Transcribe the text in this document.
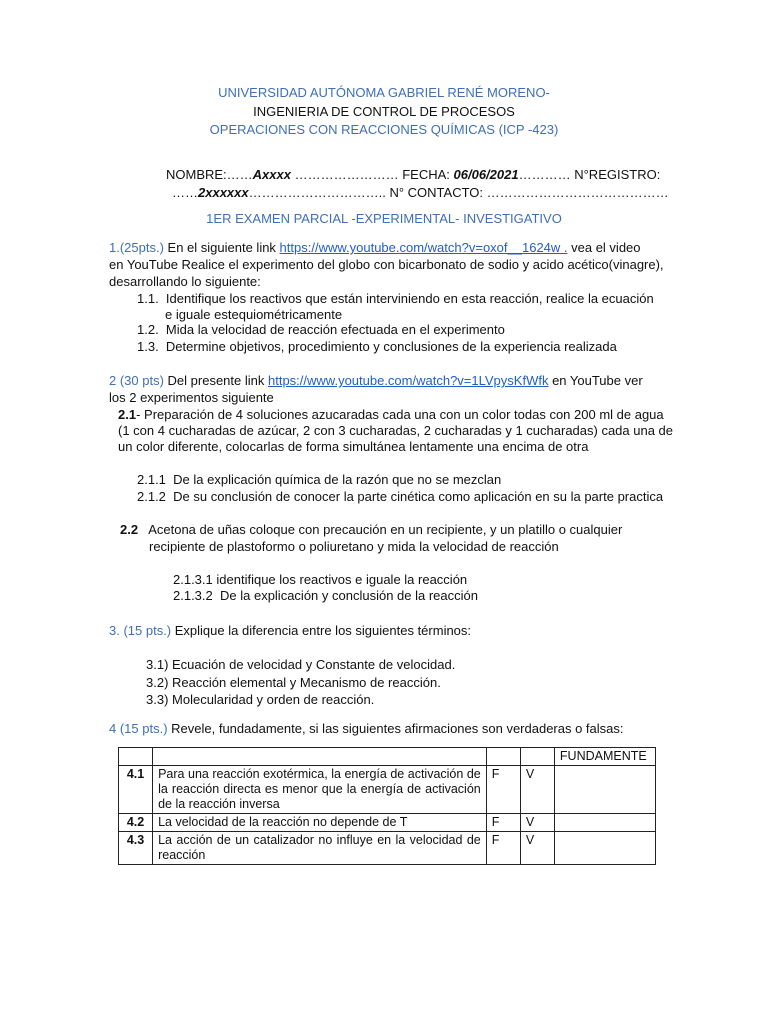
UNIVERSIDAD AUTÓNOMA GABRIEL RENÉ MORENO-
INGENIERIA DE CONTROL DE PROCESOS
OPERACIONES CON REACCIONES QUÍMICAS (ICP -423)
NOMBRE:……Axxxx …………………… FECHA: 06/06/2021………… N°REGISTRO:
……2xxxxxx………………………….. N° CONTACTO: ……………………………………
1ER EXAMEN PARCIAL -EXPERIMENTAL- INVESTIGATIVO
1.(25pts.) En el siguiente link https://www.youtube.com/watch?v=oxof__1624w . vea el video
en YouTube Realice el experimento del globo con bicarbonato de sodio y acido acético(vinagre),
desarrollando lo siguiente:
1.1. Identifique los reactivos que están interviniendo en esta reacción, realice la ecuación
e iguale estequiométricamente
1.2. Mida la velocidad de reacción efectuada en el experimento
1.3. Determine objetivos, procedimiento y conclusiones de la experiencia realizada
2 (30 pts) Del presente link https://www.youtube.com/watch?v=1LVpysKfWfk en YouTube ver
los 2 experimentos siguiente
2.1- Preparación de 4 soluciones azucaradas cada una con un color todas con 200 ml de agua
(1 con 4 cucharadas de azúcar, 2 con 3 cucharadas, 2 cucharadas y 1 cucharadas) cada una de
un color diferente, colocarlas de forma simultánea lentamente una encima de otra
2.1.1 De la explicación química de la razón que no se mezclan
2.1.2 De su conclusión de conocer la parte cinética como aplicación en su la parte practica
2.2 Acetona de uñas coloque con precaución en un recipiente, y un platillo o cualquier
recipiente de plastoformo o poliuretano y mida la velocidad de reacción
2.1.3.1 identifique los reactivos e iguale la reacción
2.1.3.2 De la explicación y conclusión de la reacción
3. (15 pts.) Explique la diferencia entre los siguientes términos:
3.1) Ecuación de velocidad y Constante de velocidad.
3.2) Reacción elemental y Mecanismo de reacción.
3.3) Molecularidad y orden de reacción.
4 (15 pts.) Revele, fundadamente, si las siguientes afirmaciones son verdaderas o falsas:
				FUNDAMENTE
4.1	Para una reacción exotérmica, la energía de activación de la reacción directa es menor que la energía de activación de la reacción inversa	F	V	
4.2	La velocidad de la reacción no depende de T	F	V	
4.3	La acción de un catalizador no influye en la velocidad de reacción	F	V	
